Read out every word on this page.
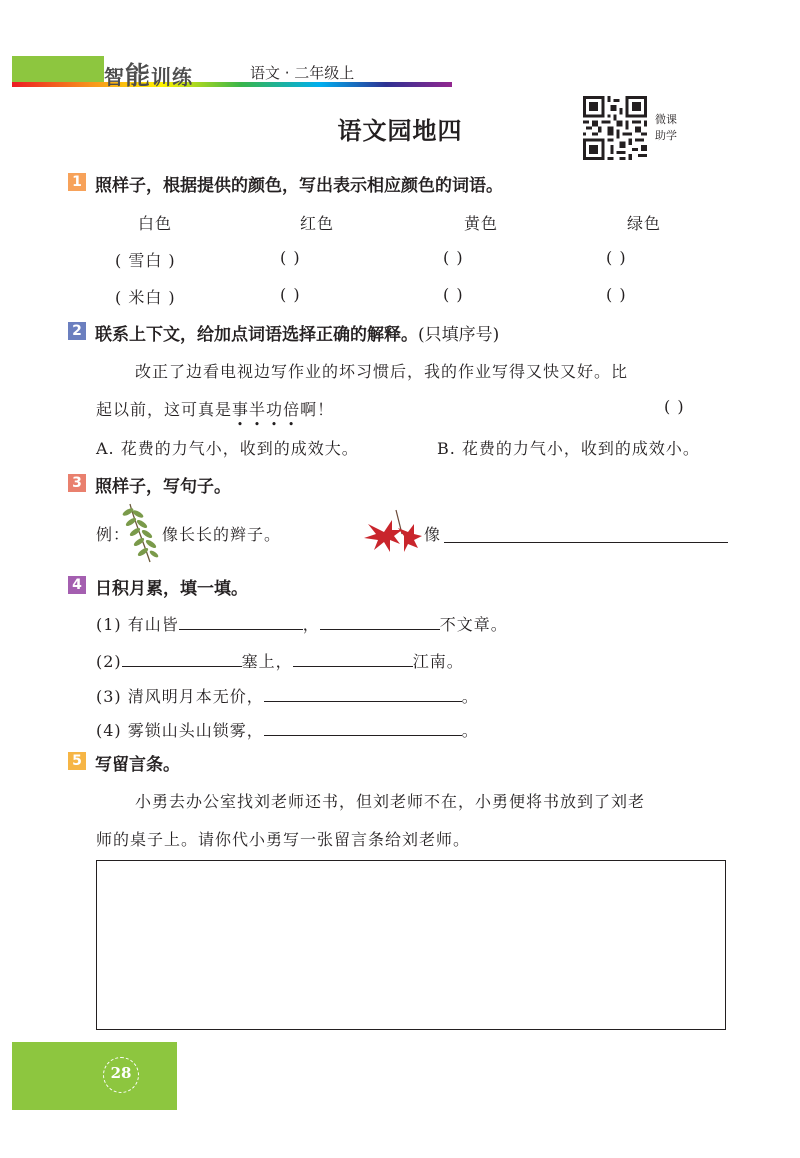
智能训练	语文 · 二年级上
语文园地四	微课
助学
1 照样子，根据提供的颜色，写出表示相应颜色的词语。
白色	红色	黄色	绿色
( 雪白 )	( )	( )	( )
( 米白 )	( )	( )	( )
2 联系上下文，给加点词语选择正确的解释。(只填序号)
改正了边看电视边写作业的坏习惯后，我的作业写得又快又好。比
起以前，这可真是事半功倍啊！	( )
A. 花费的力气小，收到的成效大。	B. 花费的力气小，收到的成效小。
3 照样子，写句子。
例： 像长长的辫子。	像
4 日积月累，填一填。
(1) 有山皆	，	不文章。
(2)	塞上，	江南。
(3) 清风明月本无价，	。
(4) 雾锁山头山锁雾，	。
5 写留言条。
小勇去办公室找刘老师还书，但刘老师不在，小勇便将书放到了刘老
师的桌子上。请你代小勇写一张留言条给刘老师。
28
